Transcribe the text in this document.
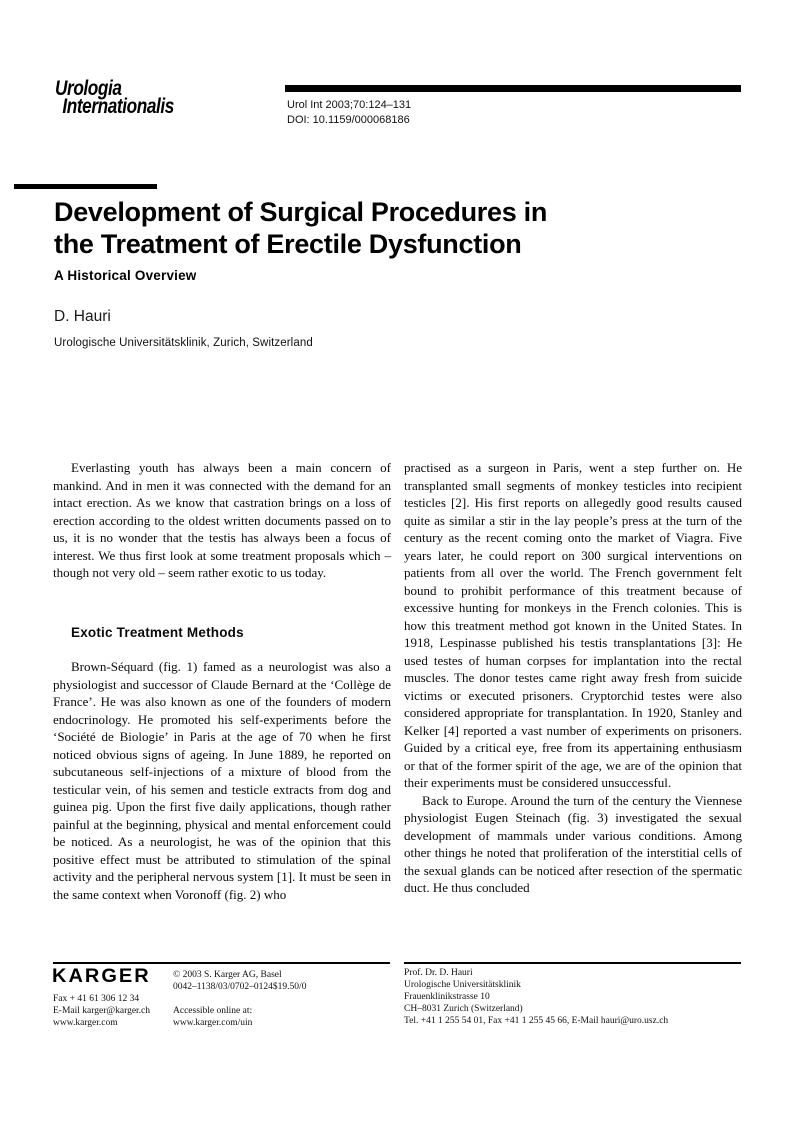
Urologia
Internationalis	Urol Int 2003;70:124–131
DOI: 10.1159/000068186
Development of Surgical Procedures in
the Treatment of Erectile Dysfunction
A Historical Overview
D. Hauri
Urologische Universitätsklinik, Zurich, Switzerland

Everlasting youth has always been a main concern of mankind. And in men it was connected with the demand for an intact erection. As we know that castration brings on a loss of erection according to the oldest written documents passed on to us, it is no wonder that the testis has always been a focus of interest. We thus first look at some treatment proposals which – though not very old – seem rather exotic to us today.

Exotic Treatment Methods

Brown-Séquard (fig. 1) famed as a neurologist was also a physiologist and successor of Claude Bernard at the ‘Collège de France’. He was also known as one of the founders of modern endocrinology. He promoted his self-experiments before the ‘Société de Biologie’ in Paris at the age of 70 when he first noticed obvious signs of ageing. In June 1889, he reported on subcutaneous self-injections of a mixture of blood from the testicular vein, of his semen and testicle extracts from dog and guinea pig. Upon the first five daily applications, though rather painful at the beginning, physical and mental enforcement could be noticed. As a neurologist, he was of the opinion that this positive effect must be attributed to stimulation of the spinal activity and the peripheral nervous system [1]. It must be seen in the same context when Voronoff (fig. 2) who

practised as a surgeon in Paris, went a step further on. He transplanted small segments of monkey testicles into recipient testicles [2]. His first reports on allegedly good results caused quite as similar a stir in the lay people’s press at the turn of the century as the recent coming onto the market of Viagra. Five years later, he could report on 300 surgical interventions on patients from all over the world. The French government felt bound to prohibit performance of this treatment because of excessive hunting for monkeys in the French colonies. This is how this treatment method got known in the United States. In 1918, Lespinasse published his testis transplantations [3]: He used testes of human corpses for implantation into the rectal muscles. The donor testes came right away fresh from suicide victims or executed prisoners. Cryptorchid testes were also considered appropriate for transplantation. In 1920, Stanley and Kelker [4] reported a vast number of experiments on prisoners. Guided by a critical eye, free from its appertaining enthusiasm or that of the former spirit of the age, we are of the opinion that their experiments must be considered unsuccessful.

Back to Europe. Around the turn of the century the Viennese physiologist Eugen Steinach (fig. 3) investigated the sexual development of mammals under various conditions. Among other things he noted that proliferation of the interstitial cells of the sexual glands can be noticed after resection of the spermatic duct. He thus concluded

KARGER
Fax + 41 61 306 12 34
E-Mail karger@karger.ch
www.karger.com
© 2003 S. Karger AG, Basel
0042–1138/03/0702–0124$19.50/0
Accessible online at:
www.karger.com/uin
Prof. Dr. D. Hauri
Urologische Universitätsklinik
Frauenklinikstrasse 10
CH–8031 Zurich (Switzerland)
Tel. +41 1 255 54 01, Fax +41 1 255 45 66, E-Mail hauri@uro.usz.ch
